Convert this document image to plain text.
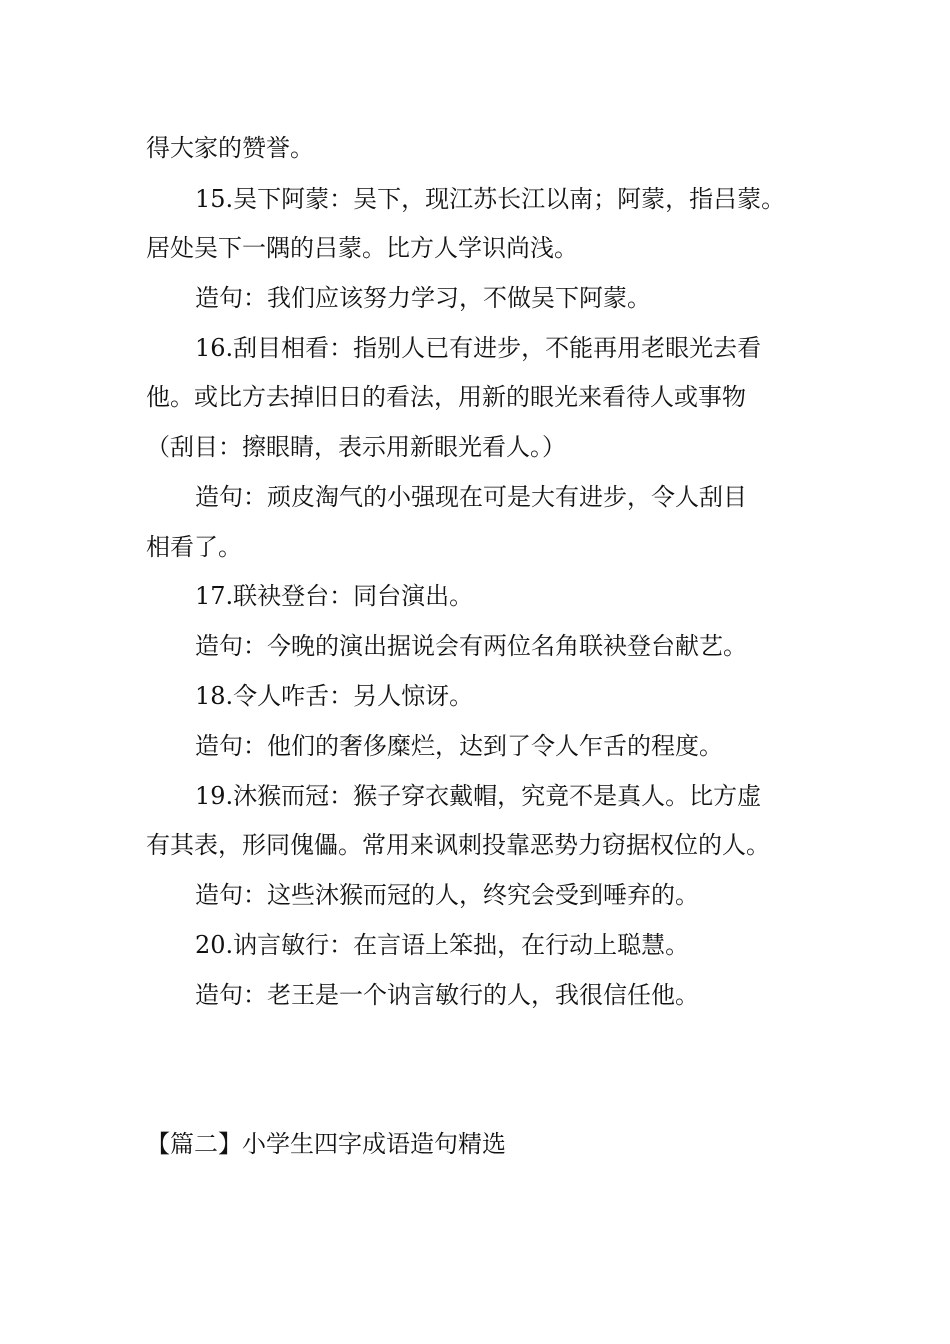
得大家的赞誉。
15.吴下阿蒙：吴下，现江苏长江以南；阿蒙，指吕蒙。
居处吴下一隅的吕蒙。比方人学识尚浅。
造句：我们应该努力学习，不做吴下阿蒙。
16.刮目相看：指别人已有进步，不能再用老眼光去看
他。或比方去掉旧日的看法，用新的眼光来看待人或事物
（刮目：擦眼睛，表示用新眼光看人。）
造句：顽皮淘气的小强现在可是大有进步，令人刮目
相看了。
17.联袂登台：同台演出。
造句：今晚的演出据说会有两位名角联袂登台献艺。
18.令人咋舌：另人惊讶。
造句：他们的奢侈糜烂，达到了令人乍舌的程度。
19.沐猴而冠：猴子穿衣戴帽，究竟不是真人。比方虚
有其表，形同傀儡。常用来讽刺投靠恶势力窃据权位的人。
造句：这些沐猴而冠的人，终究会受到唾弃的。
20.讷言敏行：在言语上笨拙，在行动上聪慧。
造句：老王是一个讷言敏行的人，我很信任他。
【篇二】小学生四字成语造句精选
